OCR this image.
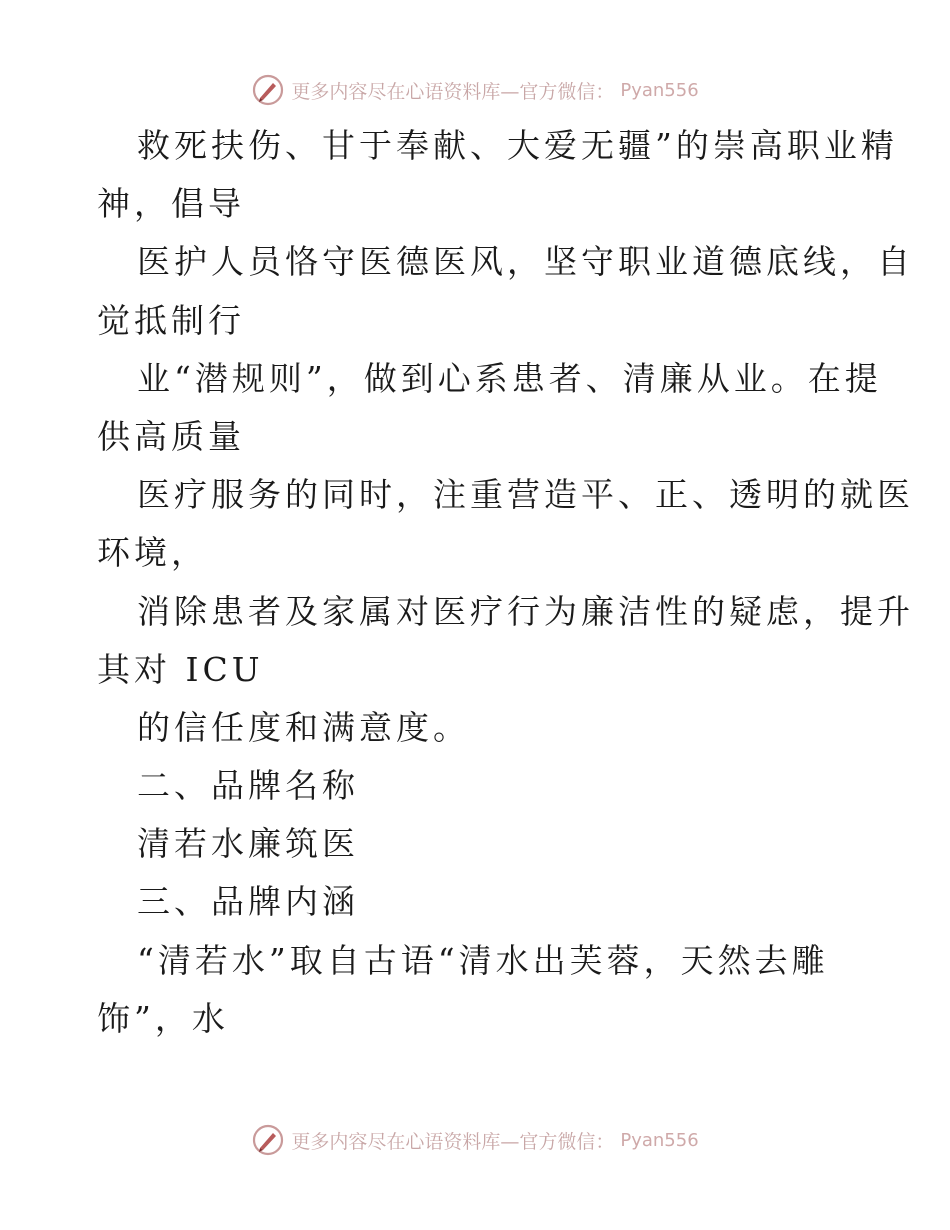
更多内容尽在心语资料库—官方微信： Pyan556
救死扶伤、甘于奉献、大爱无疆”的崇高职业精
神，倡导
医护人员恪守医德医风，坚守职业道德底线，自
觉抵制行
业“潜规则”，做到心系患者、清廉从业。在提
供高质量
医疗服务的同时，注重营造平、正、透明的就医
环境，
消除患者及家属对医疗行为廉洁性的疑虑，提升
其对 ICU
的信任度和满意度。
二、品牌名称
清若水廉筑医
三、品牌内涵
“清若水”取自古语“清水出芙蓉，天然去雕
饰”，水
更多内容尽在心语资料库—官方微信： Pyan556
